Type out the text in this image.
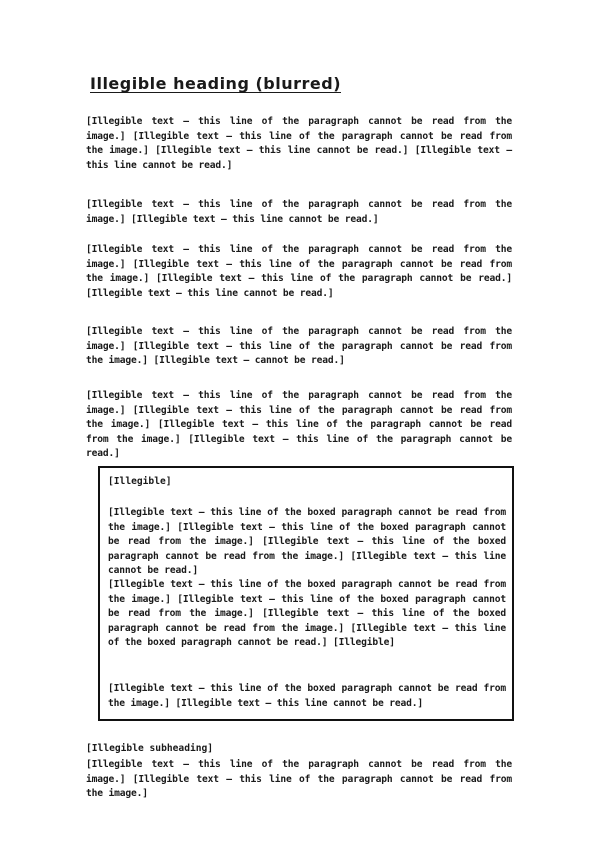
Illegible heading (blurred)
[Illegible text — this line of the paragraph cannot be read from the image.] [Illegible text — this line of the paragraph cannot be read from the image.] [Illegible text — this line cannot be read.] [Illegible text — this line cannot be read.]
[Illegible text — this line of the paragraph cannot be read from the image.] [Illegible text — this line cannot be read.]
[Illegible text — this line of the paragraph cannot be read from the image.] [Illegible text — this line of the paragraph cannot be read from the image.] [Illegible text — this line of the paragraph cannot be read.] [Illegible text — this line cannot be read.]
[Illegible text — this line of the paragraph cannot be read from the image.] [Illegible text — this line of the paragraph cannot be read from the image.] [Illegible text — cannot be read.]
[Illegible text — this line of the paragraph cannot be read from the image.] [Illegible text — this line of the paragraph cannot be read from the image.] [Illegible text — this line of the paragraph cannot be read from the image.] [Illegible text — this line of the paragraph cannot be read.]
[Illegible]
[Illegible text — this line of the boxed paragraph cannot be read from the image.] [Illegible text — this line of the boxed paragraph cannot be read from the image.] [Illegible text — this line of the boxed paragraph cannot be read from the image.] [Illegible text — this line cannot be read.]
[Illegible text — this line of the boxed paragraph cannot be read from the image.] [Illegible text — this line of the boxed paragraph cannot be read from the image.] [Illegible text — this line of the boxed paragraph cannot be read from the image.] [Illegible text — this line of the boxed paragraph cannot be read.] [Illegible]
[Illegible text — this line of the boxed paragraph cannot be read from the image.] [Illegible text — this line cannot be read.]
[Illegible subheading]
[Illegible text — this line of the paragraph cannot be read from the image.] [Illegible text — this line of the paragraph cannot be read from the image.]
